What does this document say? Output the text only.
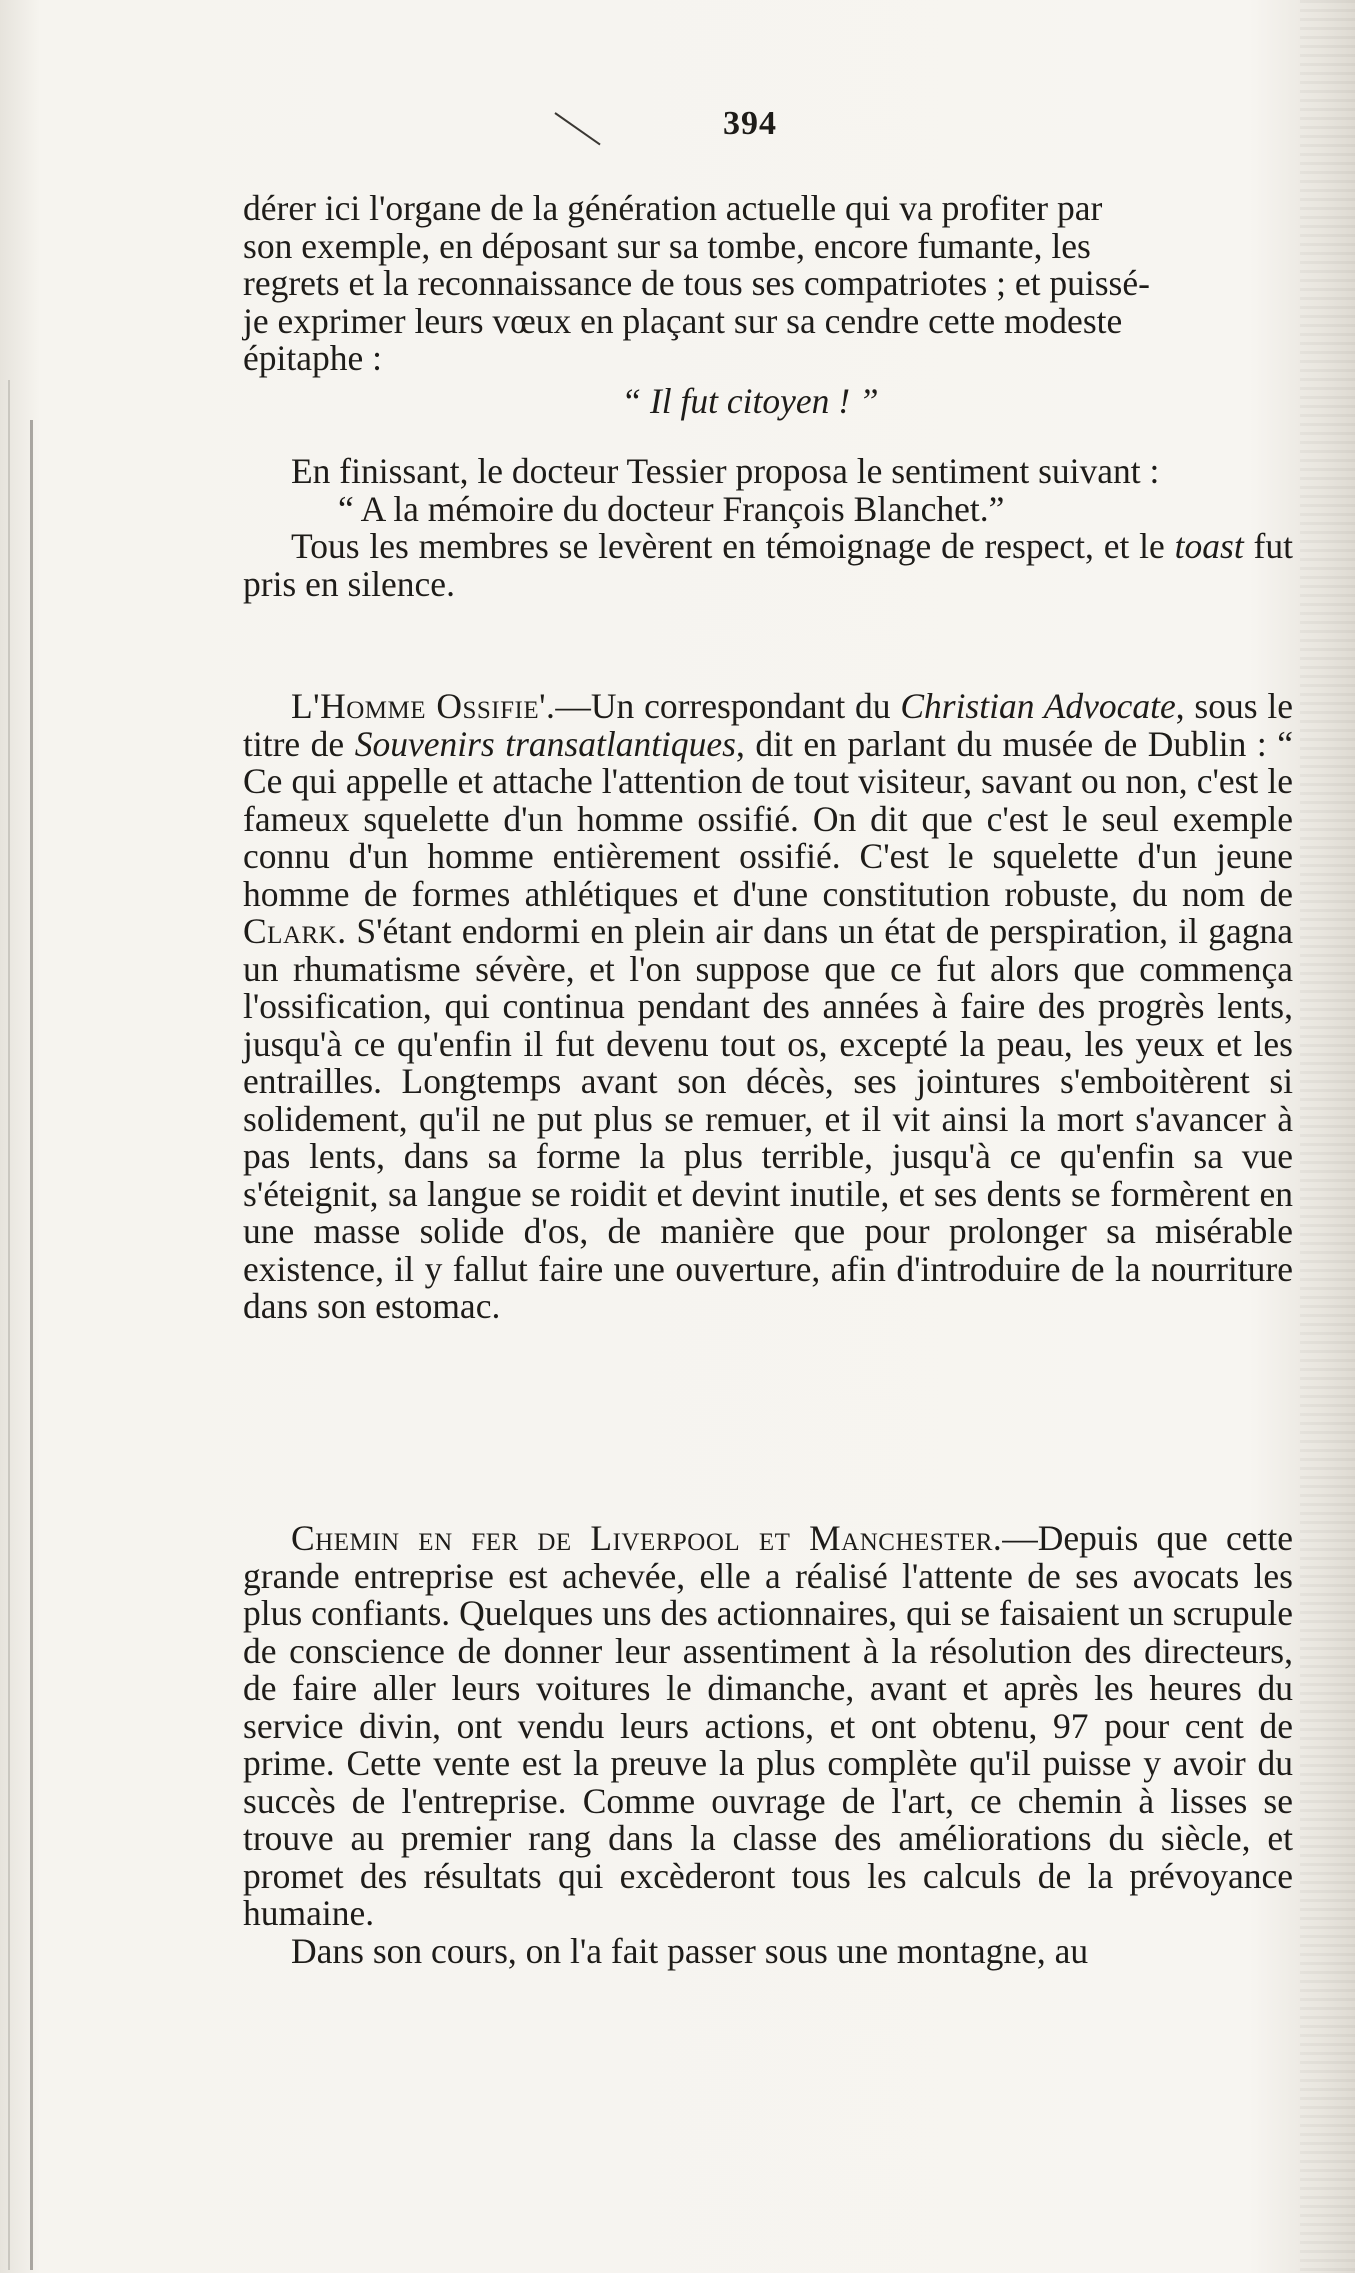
394

dérer ici l'organe de la génération actuelle qui va profiter par

son exemple, en déposant sur sa tombe, encore fumante, les

regrets et la reconnaissance de tous ses compatriotes ; et puissé-

je exprimer leurs vœux en plaçant sur sa cendre cette modeste

épitaphe :

“ Il fut citoyen ! ”

En finissant, le docteur Tessier proposa le sentiment suivant :

“ A la mémoire du docteur François Blanchet.”

Tous les membres se levèrent en témoignage de respect, et le toast fut pris en silence.

L'Homme Ossifie'.—Un correspondant du Christian Advocate, sous le titre de Souvenirs transatlantiques, dit en parlant du musée de Dublin : “ Ce qui appelle et attache l'attention de tout visiteur, savant ou non, c'est le fameux squelette d'un homme ossifié. On dit que c'est le seul exemple connu d'un homme entièrement ossifié. C'est le squelette d'un jeune homme de formes athlétiques et d'une constitution robuste, du nom de Clark. S'étant endormi en plein air dans un état de perspiration, il gagna un rhumatisme sévère, et l'on suppose que ce fut alors que commença l'ossification, qui continua pendant des années à faire des progrès lents, jusqu'à ce qu'enfin il fut devenu tout os, excepté la peau, les yeux et les entrailles. Longtemps avant son décès, ses jointures s'emboitèrent si solidement, qu'il ne put plus se remuer, et il vit ainsi la mort s'avancer à pas lents, dans sa forme la plus terrible, jusqu'à ce qu'enfin sa vue s'éteignit, sa langue se roidit et devint inutile, et ses dents se formèrent en une masse solide d'os, de manière que pour prolonger sa misérable existence, il y fallut faire une ouverture, afin d'introduire de la nourriture dans son estomac.

Chemin en fer de Liverpool et Manchester.—Depuis que cette grande entreprise est achevée, elle a réalisé l'attente de ses avocats les plus confiants. Quelques uns des actionnaires, qui se faisaient un scrupule de conscience de donner leur assentiment à la résolution des directeurs, de faire aller leurs voitures le dimanche, avant et après les heures du service divin, ont vendu leurs actions, et ont obtenu, 97 pour cent de prime. Cette vente est la preuve la plus complète qu'il puisse y avoir du succès de l'entreprise. Comme ouvrage de l'art, ce chemin à lisses se trouve au premier rang dans la classe des améliorations du siècle, et promet des résultats qui excèderont tous les calculs de la prévoyance humaine.

Dans son cours, on l'a fait passer sous une montagne, au
